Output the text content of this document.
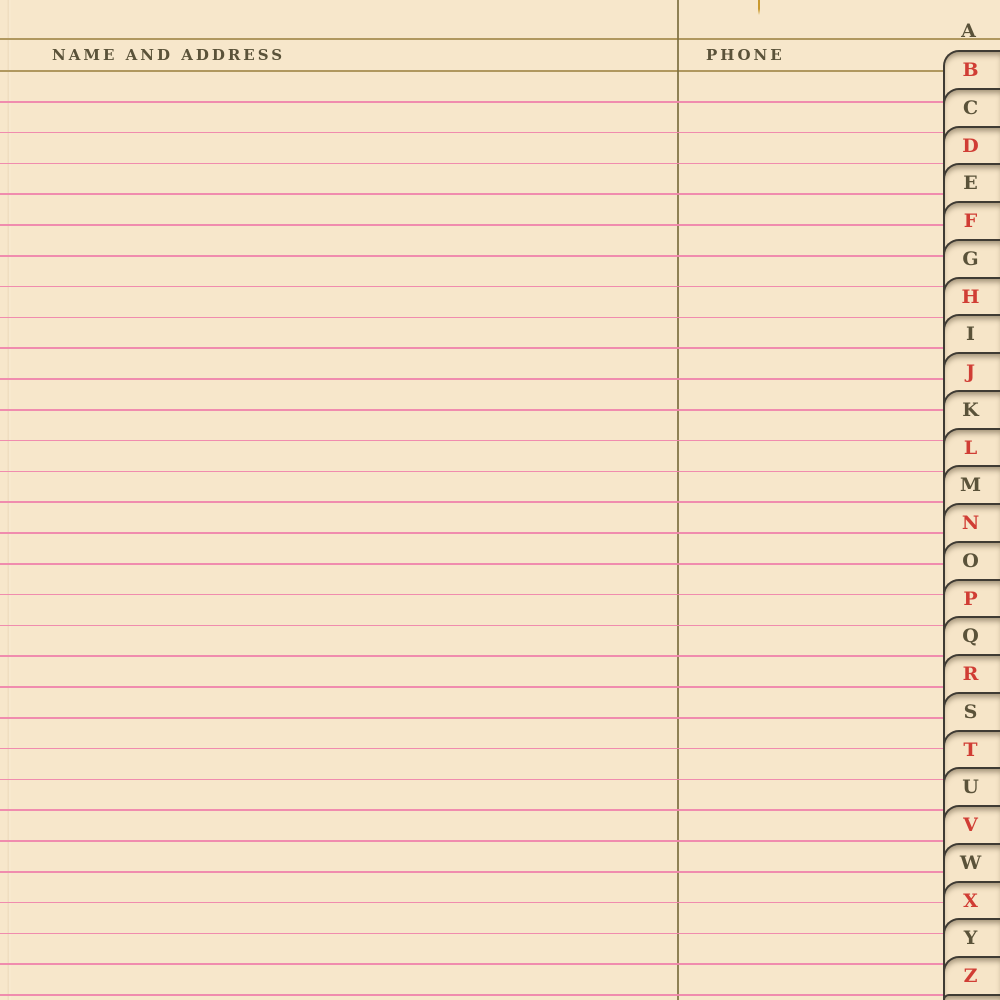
NAME AND ADDRESS	PHONE
A
B
C
D
E
F
G
H
I
J
K
L
M
N
O
P
Q
R
S
T
U
V
W
X
Y
Z
